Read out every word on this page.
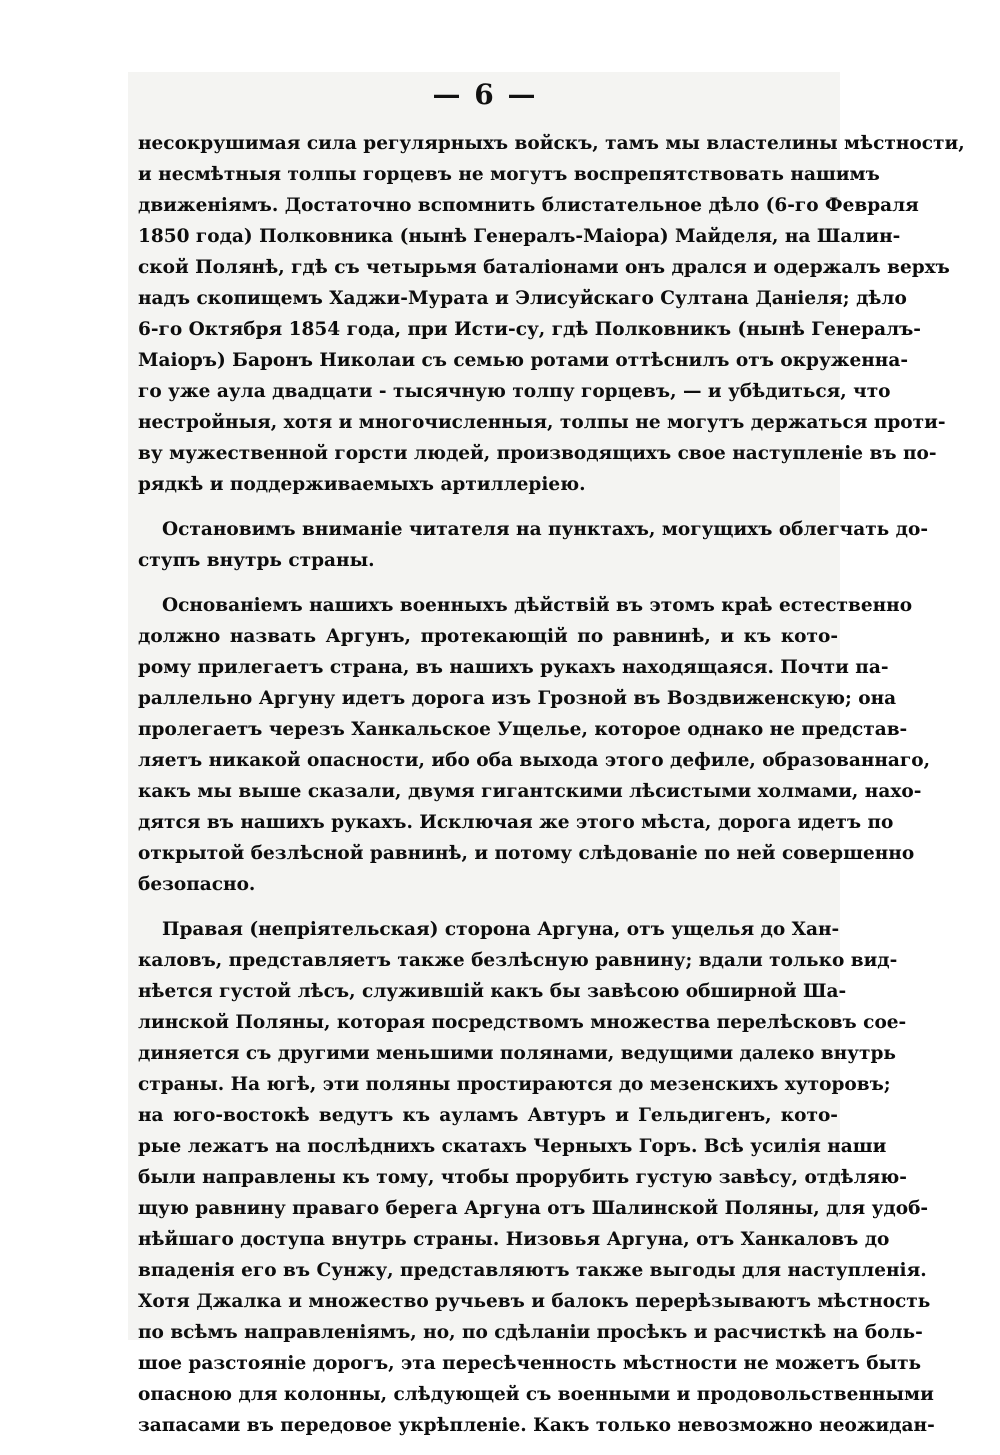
— 6 —
несокрушимая сила регулярныхъ войскъ, тамъ мы властелины мѣстности,
и несмѣтныя толпы горцевъ не могутъ воспрепятствовать нашимъ
движеніямъ. Достаточно вспомнить блистательное дѣло (6-го Февраля
1850 года) Полковника (нынѣ Генералъ-Маіора) Майделя, на Шалин-
ской Полянѣ, гдѣ съ четырьмя баталіонами онъ дрался и одержалъ верхъ
надъ скопищемъ Хаджи-Мурата и Элисуйскаго Султана Даніеля; дѣло
6-го Октября 1854 года, при Исти-су, гдѣ Полковникъ (нынѣ Генералъ-
Маіоръ) Баронъ Николаи съ семью ротами оттѣснилъ отъ окруженна-
го уже аула двадцати - тысячную толпу горцевъ, — и убѣдиться, что
нестройныя, хотя и многочисленныя, толпы не могутъ держаться проти-
ву мужественной горсти людей, производящихъ свое наступленіе въ по-
рядкѣ и поддерживаемыхъ артиллеріею.
Остановимъ вниманіе читателя на пунктахъ, могущихъ облегчать до-
ступъ внутрь страны.
Основаніемъ нашихъ военныхъ дѣйствій въ этомъ краѣ естественно
должно назвать Аргунъ, протекающій по равнинѣ, и къ кото-
рому прилегаетъ страна, въ нашихъ рукахъ находящаяся. Почти па-
раллельно Аргуну идетъ дорога изъ Грозной въ Воздвиженскую; она
пролегаетъ черезъ Ханкальское Ущелье, которое однако не представ-
ляетъ никакой опасности, ибо оба выхода этого дефиле, образованнаго,
какъ мы выше сказали, двумя гигантскими лѣсистыми холмами, нахо-
дятся въ нашихъ рукахъ. Исключая же этого мѣста, дорога идетъ по
открытой безлѣсной равнинѣ, и потому слѣдованіе по ней совершенно
безопасно.
Правая (непріятельская) сторона Аргуна, отъ ущелья до Хан-
каловъ, представляетъ также безлѣсную равнину; вдали только вид-
нѣется густой лѣсъ, служившій какъ бы завѣсою обширной Ша-
линской Поляны, которая посредствомъ множества перелѣсковъ сое-
диняется съ другими меньшими полянами, ведущими далеко внутрь
страны. На югѣ, эти поляны простираются до мезенскихъ хуторовъ;
на юго-востокѣ ведутъ къ ауламъ Автуръ и Гельдигенъ, кото-
рые лежатъ на послѣднихъ скатахъ Черныхъ Горъ. Всѣ усилія наши
были направлены къ тому, чтобы прорубить густую завѣсу, отдѣляю-
щую равнину праваго берега Аргуна отъ Шалинской Поляны, для удоб-
нѣйшаго доступа внутрь страны. Низовья Аргуна, отъ Ханкаловъ до
впаденія его въ Сунжу, представляютъ также выгоды для наступленія.
Хотя Джалка и множество ручьевъ и балокъ перерѣзываютъ мѣстность
по всѣмъ направленіямъ, но, по сдѣланіи просѣкъ и расчисткѣ на боль-
шое разстояніе дорогъ, эта пересѣченность мѣстности не можетъ быть
опасною для колонны, слѣдующей съ военными и продовольственными
запасами въ передовое укрѣпленіе. Какъ только невозможно неожидан-
